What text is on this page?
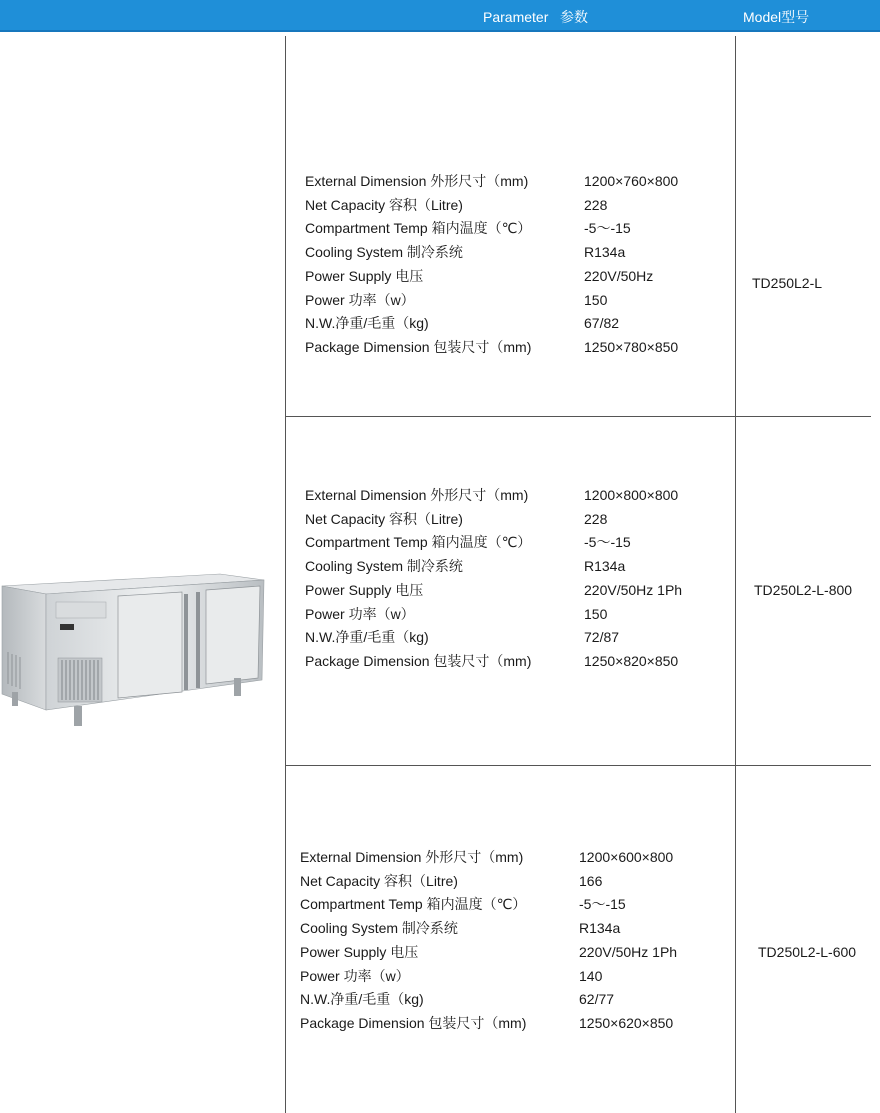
Parameter   参数	Model型号
External Dimension 外形尺寸（mm)	1200×760×800
Net Capacity 容积（Litre)	228
Compartment Temp 箱内温度（℃）	-5～-15
Cooling System 制冷系统	R134a
Power Supply 电压	220V/50Hz
Power 功率（w）	150
N.W.净重/毛重（kg)	67/82
Package Dimension 包装尺寸（mm)	1250×780×850
TD250L2-L
External Dimension 外形尺寸（mm)	1200×800×800
Net Capacity 容积（Litre)	228
Compartment Temp 箱内温度（℃）	-5～-15
Cooling System 制冷系统	R134a
Power Supply 电压	220V/50Hz 1Ph
Power 功率（w）	150
N.W.净重/毛重（kg)	72/87
Package Dimension 包装尺寸（mm)	1250×820×850
TD250L2-L-800
External Dimension 外形尺寸（mm)	1200×600×800
Net Capacity 容积（Litre)	166
Compartment Temp 箱内温度（℃）	-5～-15
Cooling System 制冷系统	R134a
Power Supply 电压	220V/50Hz 1Ph
Power 功率（w）	140
N.W.净重/毛重（kg)	62/77
Package Dimension 包装尺寸（mm)	1250×620×850
TD250L2-L-600
